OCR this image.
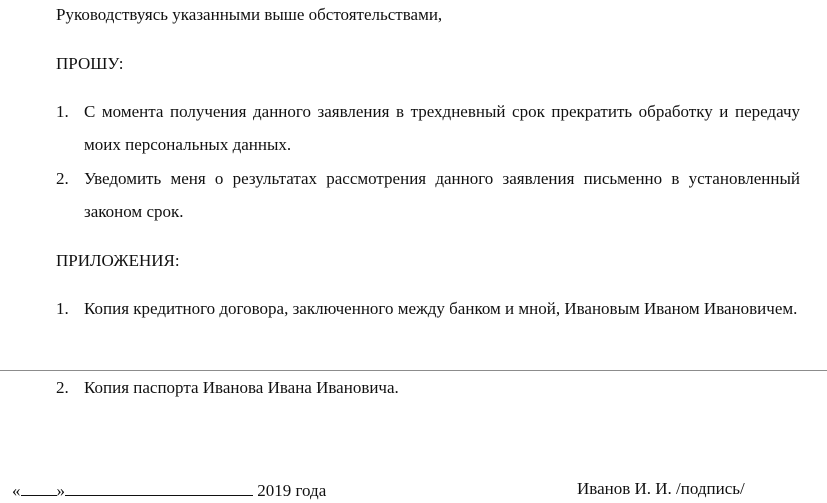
Руководствуясь указанными выше обстоятельствами,
ПРОШУ:
1. С момента получения данного заявления в трехдневный срок прекратить обработку и передачу моих персональных данных.
2. Уведомить меня о результатах рассмотрения данного заявления письменно в установленный законом срок.
ПРИЛОЖЕНИЯ:
1. Копия кредитного договора, заключенного между банком и мной, Ивановым Иваном Ивановичем.
2. Копия паспорта Иванова Ивана Ивановича.
« »	2019 года	Иванов И. И. /подпись/
